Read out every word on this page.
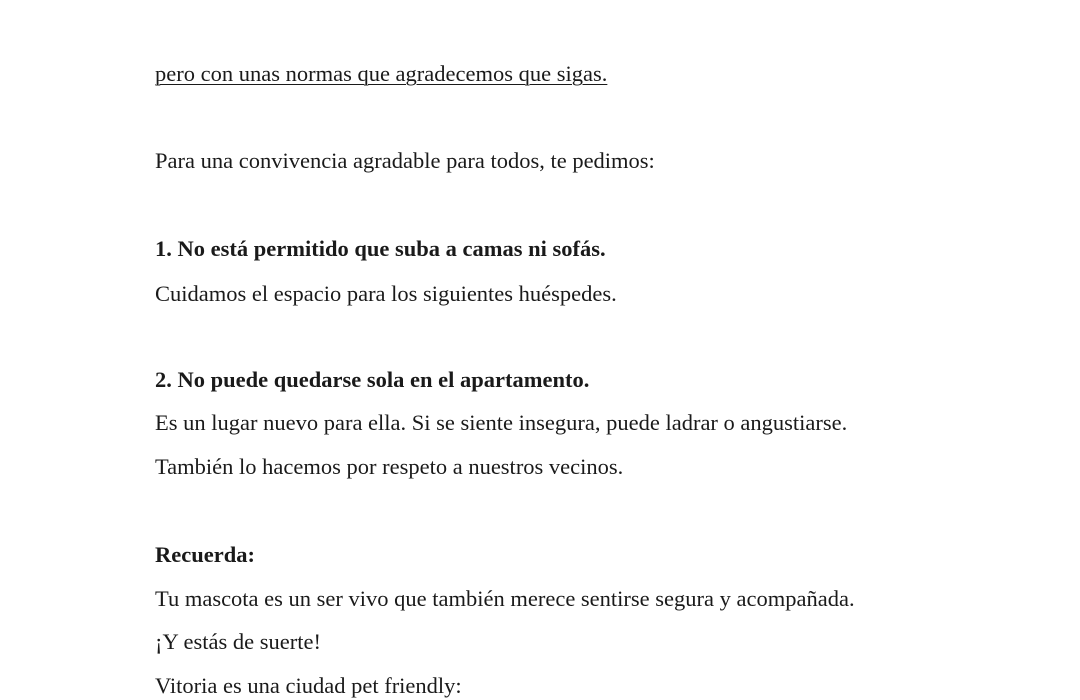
pero con unas normas que agradecemos que sigas.
Para una convivencia agradable para todos, te pedimos:
1. No está permitido que suba a camas ni sofás.
Cuidamos el espacio para los siguientes huéspedes.
2. No puede quedarse sola en el apartamento.
Es un lugar nuevo para ella. Si se siente insegura, puede ladrar o angustiarse.
También lo hacemos por respeto a nuestros vecinos.
Recuerda:
Tu mascota es un ser vivo que también merece sentirse segura y acompañada.
¡Y estás de suerte!
Vitoria es una ciudad pet friendly:
